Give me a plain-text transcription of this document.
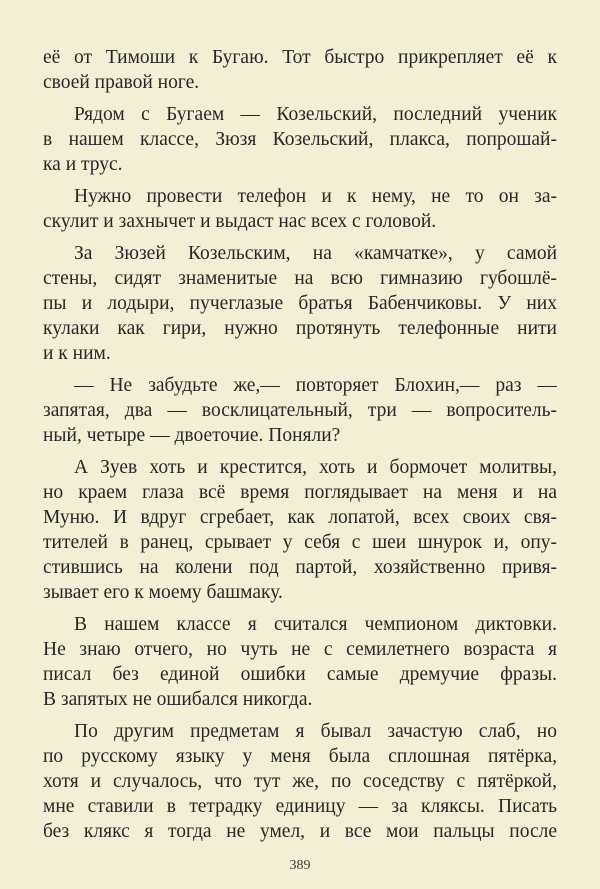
её от Тимоши к Бугаю. Тот быстро прикрепляет её к
своей правой ноге.
Рядом с Бугаем — Козельский, последний ученик
в нашем классе, Зюзя Козельский, плакса, попрошай-
ка и трус.
Нужно провести телефон и к нему, не то он за-
скулит и захнычет и выдаст нас всех с головой.
За Зюзей Козельским, на «камчатке», у самой
стены, сидят знаменитые на всю гимназию губошлё-
пы и лодыри, пучеглазые братья Бабенчиковы. У них
кулаки как гири, нужно протянуть телефонные нити
и к ним.
— Не забудьте же,— повторяет Блохин,— раз —
запятая, два — восклицательный, три — вопроситель-
ный, четыре — двоеточие. Поняли?
А Зуев хоть и крестится, хоть и бормочет молитвы,
но краем глаза всё время поглядывает на меня и на
Муню. И вдруг сгребает, как лопатой, всех своих свя-
тителей в ранец, срывает у себя с шеи шнурок и, опу-
стившись на колени под партой, хозяйственно привя-
зывает его к моему башмаку.
В нашем классе я считался чемпионом диктовки.
Не знаю отчего, но чуть не с семилетнего возраста я
писал без единой ошибки самые дремучие фразы.
В запятых не ошибался никогда.
По другим предметам я бывал зачастую слаб, но
по русскому языку у меня была сплошная пятёрка,
хотя и случалось, что тут же, по соседству с пятёркой,
мне ставили в тетрадку единицу — за кляксы. Писать
без клякс я тогда не умел, и все мои пальцы после
389
